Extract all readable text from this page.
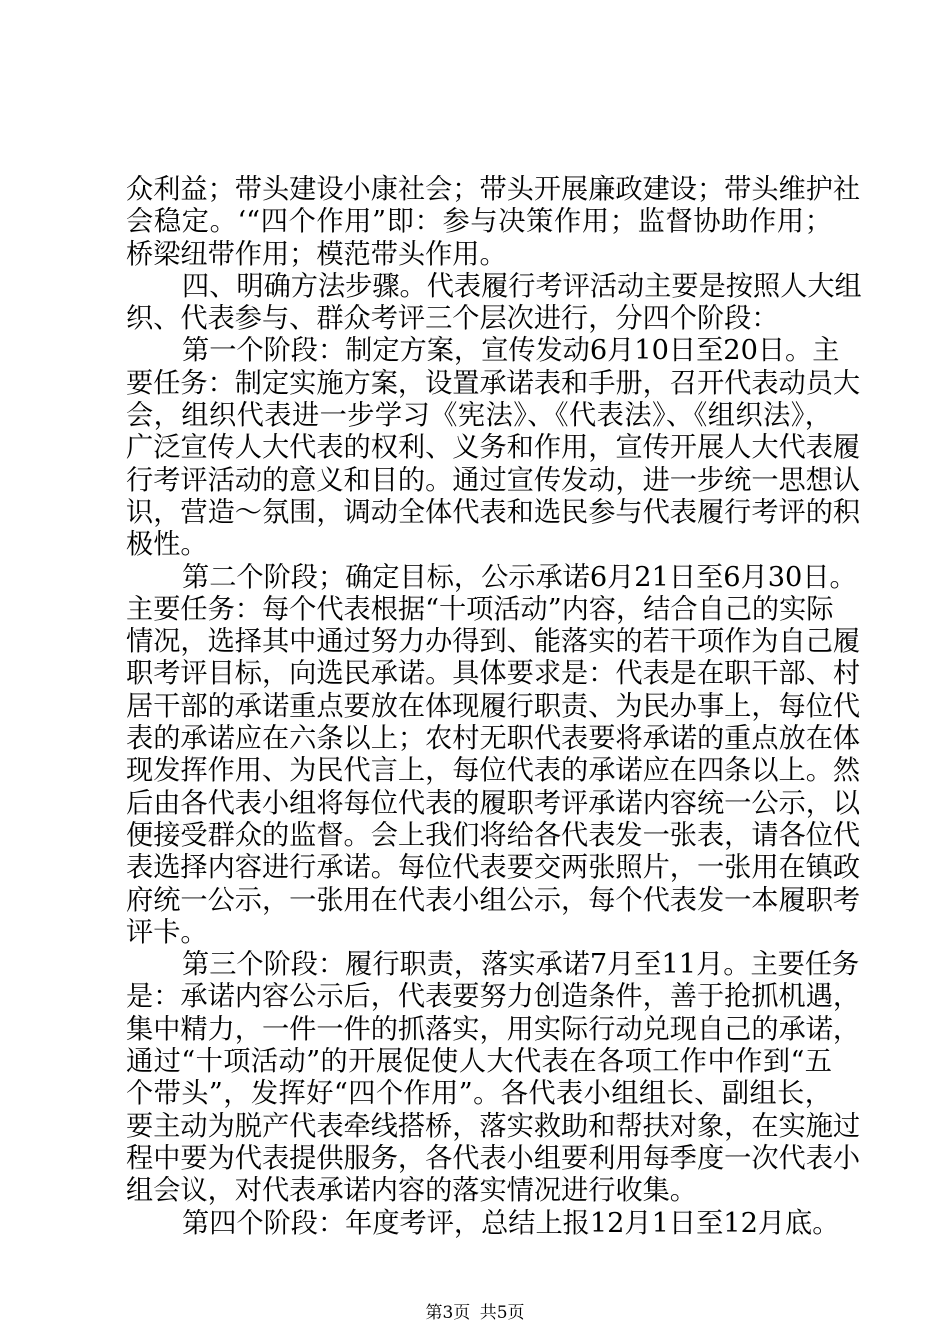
众利益；带头建设小康社会；带头开展廉政建设；带头维护社
会稳定。‘“四个作用”即：参与决策作用；监督协助作用；
桥梁纽带作用；模范带头作用。
四、明确方法步骤。代表履行考评活动主要是按照人大组
织、代表参与、群众考评三个层次进行，分四个阶段：
第一个阶段：制定方案，宣传发动6月10日至20日。主
要任务：制定实施方案，设置承诺表和手册，召开代表动员大
会，组织代表进一步学习《宪法》、《代表法》、《组织法》，
广泛宣传人大代表的权利、义务和作用，宣传开展人大代表履
行考评活动的意义和目的。通过宣传发动，进一步统一思想认
识，营造～氛围，调动全体代表和选民参与代表履行考评的积
极性。
第二个阶段；确定目标，公示承诺6月21日至6月30日。
主要任务：每个代表根据“十项活动”内容，结合自己的实际
情况，选择其中通过努力办得到、能落实的若干项作为自己履
职考评目标，向选民承诺。具体要求是：代表是在职干部、村
居干部的承诺重点要放在体现履行职责、为民办事上，每位代
表的承诺应在六条以上；农村无职代表要将承诺的重点放在体
现发挥作用、为民代言上，每位代表的承诺应在四条以上。然
后由各代表小组将每位代表的履职考评承诺内容统一公示，以
便接受群众的监督。会上我们将给各代表发一张表，请各位代
表选择内容进行承诺。每位代表要交两张照片，一张用在镇政
府统一公示，一张用在代表小组公示，每个代表发一本履职考
评卡。
第三个阶段：履行职责，落实承诺7月至11月。主要任务
是：承诺内容公示后，代表要努力创造条件，善于抢抓机遇，
集中精力，一件一件的抓落实，用实际行动兑现自己的承诺，
通过“十项活动”的开展促使人大代表在各项工作中作到“五
个带头”，发挥好“四个作用”。各代表小组组长、副组长，
要主动为脱产代表牵线搭桥，落实救助和帮扶对象，在实施过
程中要为代表提供服务，各代表小组要利用每季度一次代表小
组会议，对代表承诺内容的落实情况进行收集。
第四个阶段：年度考评，总结上报12月1日至12月底。
第3页 共5页
